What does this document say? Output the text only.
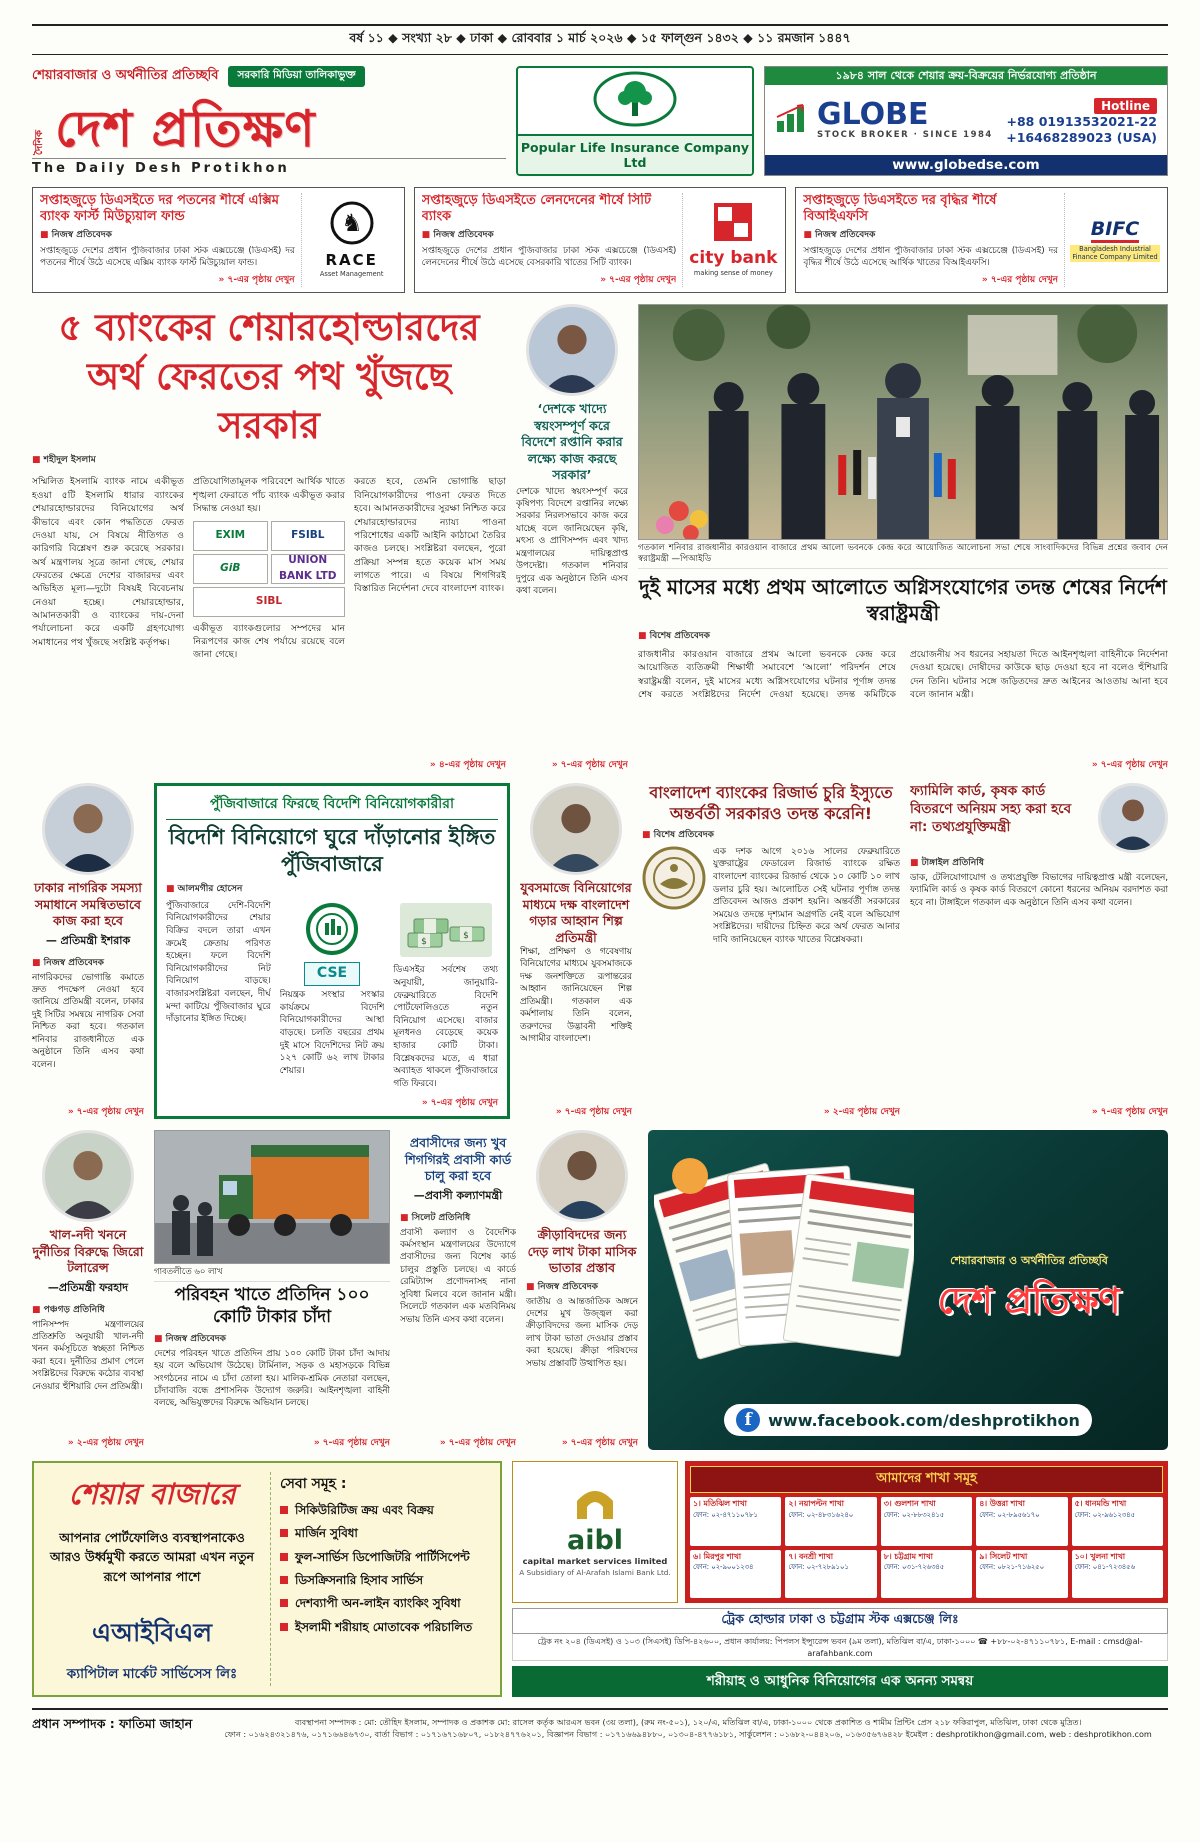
বর্ষ ১১ ◆ সংখ্যা ২৮ ◆ ঢাকা ◆ রোববার ১ মার্চ ২০২৬ ◆ ১৫ ফাল্গুন ১৪৩২ ◆ ১১ রমজান ১৪৪৭
শেয়ারবাজার ও অর্থনীতির প্রতিচ্ছবি	সরকারি মিডিয়া তালিকাভুক্ত
দৈনিক দেশ প্রতিক্ষণ
The Daily Desh Protikhon
Popular Life Insurance Company Ltd
১৯৮৪ সাল থেকে শেয়ার ক্রয়-বিক্রয়ের নির্ভরযোগ্য প্রতিষ্ঠান
GLOBE
STOCK BROKER · SINCE 1984
Hotline
+88 01913532021-22
+16468289023 (USA)
www.globedse.com
সপ্তাহজুড়ে ডিএসইতে দর পতনের শীর্ষে এক্সিম ব্যাংক ফার্স্ট মিউচ্যুয়াল ফান্ড
■ নিজস্ব প্রতিবেদক
সপ্তাহজুড়ে দেশের প্রধান পুঁজিবাজার ঢাকা স্টক এক্সচেঞ্জে (ডিএসই) দর পতনের শীর্ষে উঠে এসেছে এক্সিম ব্যাংক ফার্স্ট মিউচ্যুয়াল ফান্ড।
» ৭-এর পৃষ্ঠায় দেখুন
♞
RACE
Asset Management
সপ্তাহজুড়ে ডিএসইতে লেনদেনের শীর্ষে সিটি ব্যাংক
■ নিজস্ব প্রতিবেদক
সপ্তাহজুড়ে দেশের প্রধান পুঁজিবাজার ঢাকা স্টক এক্সচেঞ্জে (ডিএসই) লেনদেনের শীর্ষে উঠে এসেছে বেসরকারি খাতের সিটি ব্যাংক।
» ৭-এর পৃষ্ঠায় দেখুন
city bank
making sense of money
সপ্তাহজুড়ে ডিএসইতে দর বৃদ্ধির শীর্ষে বিআইএফসি
■ নিজস্ব প্রতিবেদক
সপ্তাহজুড়ে দেশের প্রধান পুঁজিবাজার ঢাকা স্টক এক্সচেঞ্জে (ডিএসই) দর বৃদ্ধির শীর্ষে উঠে এসেছে আর্থিক খাতের বিআইএফসি।
» ৭-এর পৃষ্ঠায় দেখুন
BIFC
Bangladesh Industrial Finance Company Limited
৫ ব্যাংকের শেয়ারহোল্ডারদের অর্থ ফেরতের পথ খুঁজছে সরকার
■ শহীদুল ইসলাম
সম্মিলিত ইসলামি ব্যাংক নামে একীভূত হওয়া ৫টি ইসলামি ধারার ব্যাংকের শেয়ারহোল্ডারদের বিনিয়োগের অর্থ কীভাবে এবং কোন পদ্ধতিতে ফেরত দেওয়া যায়, সে বিষয়ে নীতিগত ও কারিগরি বিশ্লেষণ শুরু করেছে সরকার। অর্থ মন্ত্রণালয় সূত্রে জানা গেছে, শেয়ার ফেরতের ক্ষেত্রে দেশের বাজারদর এবং অভিহিত মূল্য—দুটো বিষয়ই বিবেচনায় নেওয়া হচ্ছে। শেয়ারহোল্ডার, আমানতকারী ও ব্যাংকের দায়-দেনা পর্যালোচনা করে একটি গ্রহণযোগ্য সমাধানের পথ খুঁজছে সংশ্লিষ্ট কর্তৃপক্ষ।
প্রতিযোগিতামূলক পরিবেশে আর্থিক খাতে শৃঙ্খলা ফেরাতে পাঁচ ব্যাংক একীভূত করার সিদ্ধান্ত নেওয়া হয়।
EXIM	FSIBL
GiB
UNION BANK LTD
SIBL
একীভূত ব্যাংকগুলোর সম্পদের মান নিরূপণের কাজ শেষ পর্যায়ে রয়েছে বলে জানা গেছে।
করতে হবে, তেমনি ভোগান্তি ছাড়া বিনিয়োগকারীদের পাওনা ফেরত দিতে হবে। আমানতকারীদের সুরক্ষা নিশ্চিত করে শেয়ারহোল্ডারদের ন্যায্য পাওনা পরিশোধের একটি আইনি কাঠামো তৈরির কাজও চলছে। সংশ্লিষ্টরা বলছেন, পুরো প্রক্রিয়া সম্পন্ন হতে কয়েক মাস সময় লাগতে পারে। এ বিষয়ে শিগগিরই বিস্তারিত নির্দেশনা দেবে বাংলাদেশ ব্যাংক।
» ৪-এর পৃষ্ঠায় দেখুন
‘দেশকে খাদ্যে স্বয়ংসম্পূর্ণ করে বিদেশে রপ্তানি করার লক্ষ্যে কাজ করছে সরকার’
দেশকে খাদ্যে স্বয়ংসম্পূর্ণ করে কৃষিপণ্য বিদেশে রপ্তানির লক্ষ্যে সরকার নিরলসভাবে কাজ করে যাচ্ছে বলে জানিয়েছেন কৃষি, মৎস্য ও প্রাণিসম্পদ এবং খাদ্য মন্ত্রণালয়ের দায়িত্বপ্রাপ্ত উপদেষ্টা। গতকাল শনিবার দুপুরে এক অনুষ্ঠানে তিনি এসব কথা বলেন।
» ৭-এর পৃষ্ঠায় দেখুন
গতকাল শনিবার রাজধানীর কারওয়ান বাজারে প্রথম আলো ভবনকে কেন্দ্র করে আয়োজিত আলোচনা সভা শেষে সাংবাদিকদের বিভিন্ন প্রশ্নের জবাব দেন স্বরাষ্ট্রমন্ত্রী —পিআইডি
দুই মাসের মধ্যে প্রথম আলোতে অগ্নিসংযোগের তদন্ত শেষের নির্দেশ স্বরাষ্ট্রমন্ত্রী
■ বিশেষ প্রতিবেদক
রাজধানীর কারওয়ান বাজারে প্রথম আলো ভবনকে কেন্দ্র করে আয়োজিত ব্যতিক্রমী শিক্ষার্থী সমাবেশে ‘আলো’ পরিদর্শন শেষে স্বরাষ্ট্রমন্ত্রী বলেন, দুই মাসের মধ্যে অগ্নিসংযোগের ঘটনার পূর্ণাঙ্গ তদন্ত শেষ করতে সংশ্লিষ্টদের নির্দেশ দেওয়া হয়েছে। তদন্ত কমিটিকে প্রয়োজনীয় সব ধরনের সহায়তা দিতে আইনশৃঙ্খলা বাহিনীকে নির্দেশনা দেওয়া হয়েছে। দোষীদের কাউকে ছাড় দেওয়া হবে না বলেও হুঁশিয়ারি দেন তিনি। ঘটনার সঙ্গে জড়িতদের দ্রুত আইনের আওতায় আনা হবে বলে জানান মন্ত্রী।
» ৭-এর পৃষ্ঠায় দেখুন
ঢাকার নাগরিক সমস্যা সমাধানে সমন্বিতভাবে কাজ করা হবে
— প্রতিমন্ত্রী ইশরাক
■ নিজস্ব প্রতিবেদক
নাগরিকদের ভোগান্তি কমাতে দ্রুত পদক্ষেপ নেওয়া হবে জানিয়ে প্রতিমন্ত্রী বলেন, ঢাকার দুই সিটির সমন্বয়ে নাগরিক সেবা নিশ্চিত করা হবে। গতকাল শনিবার রাজধানীতে এক অনুষ্ঠানে তিনি এসব কথা বলেন।
» ৭-এর পৃষ্ঠায় দেখুন
পুঁজিবাজারে ফিরছে বিদেশি বিনিয়োগকারীরা
বিদেশি বিনিয়োগে ঘুরে দাঁড়ানোর ইঙ্গিত পুঁজিবাজারে
■ আলমগীর হোসেন
পুঁজিবাজারে দেশি-বিদেশি বিনিয়োগকারীদের শেয়ার বিক্রির বদলে তারা এখন ক্রমেই ক্রেতায় পরিণত হচ্ছেন। ফলে বিদেশি বিনিয়োগকারীদের নিট বিনিয়োগ বাড়ছে। বাজারসংশ্লিষ্টরা বলছেন, দীর্ঘ মন্দা কাটিয়ে পুঁজিবাজার ঘুরে দাঁড়ানোর ইঙ্গিত দিচ্ছে।
CSE
নিয়ন্ত্রক সংস্থার সংস্কার কার্যক্রমে বিদেশি বিনিয়োগকারীদের আস্থা বাড়ছে। চলতি বছরের প্রথম দুই মাসে বিদেশিদের নিট ক্রয় ১২৭ কোটি ৬২ লাখ টাকার শেয়ার।
$
$
ডিএসইর সর্বশেষ তথ্য অনুযায়ী, জানুয়ারি-ফেব্রুয়ারিতে বিদেশি পোর্টফোলিওতে নতুন বিনিয়োগ এসেছে। বাজার মূলধনও বেড়েছে কয়েক হাজার কোটি টাকা। বিশ্লেষকদের মতে, এ ধারা অব্যাহত থাকলে পুঁজিবাজারে গতি ফিরবে।
» ৭-এর পৃষ্ঠায় দেখুন
যুবসমাজে বিনিয়োগের মাধ্যমে দক্ষ বাংলাদেশ গড়ার আহ্বান শিল্প প্রতিমন্ত্রী
শিক্ষা, প্রশিক্ষণ ও গবেষণায় বিনিয়োগের মাধ্যমে যুবসমাজকে দক্ষ জনশক্তিতে রূপান্তরের আহ্বান জানিয়েছেন শিল্প প্রতিমন্ত্রী। গতকাল এক কর্মশালায় তিনি বলেন, তরুণদের উদ্ভাবনী শক্তিই আগামীর বাংলাদেশ।
» ৭-এর পৃষ্ঠায় দেখুন
বাংলাদেশ ব্যাংকের রিজার্ভ চুরি ইস্যুতে অন্তর্বর্তী সরকারও তদন্ত করেনি!
■ বিশেষ প্রতিবেদক
এক দশক আগে ২০১৬ সালের ফেব্রুয়ারিতে যুক্তরাষ্ট্রের ফেডারেল রিজার্ভ ব্যাংকে রক্ষিত বাংলাদেশ ব্যাংকের রিজার্ভ থেকে ১০ কোটি ১০ লাখ ডলার চুরি হয়। আলোচিত সেই ঘটনার পূর্ণাঙ্গ তদন্ত প্রতিবেদন আজও প্রকাশ হয়নি। অন্তর্বর্তী সরকারের সময়েও তদন্তে দৃশ্যমান অগ্রগতি নেই বলে অভিযোগ সংশ্লিষ্টদের। দায়ীদের চিহ্নিত করে অর্থ ফেরত আনার দাবি জানিয়েছেন ব্যাংক খাতের বিশ্লেষকরা।
» ২-এর পৃষ্ঠায় দেখুন
ফ্যামিলি কার্ড, কৃষক কার্ড বিতরণে অনিয়ম সহ্য করা হবে না: তথ্যপ্রযুক্তিমন্ত্রী
■ টাঙ্গাইল প্রতিনিধি
ডাক, টেলিযোগাযোগ ও তথ্যপ্রযুক্তি বিভাগের দায়িত্বপ্রাপ্ত মন্ত্রী বলেছেন, ফ্যামিলি কার্ড ও কৃষক কার্ড বিতরণে কোনো ধরনের অনিয়ম বরদাশত করা হবে না। টাঙ্গাইলে গতকাল এক অনুষ্ঠানে তিনি এসব কথা বলেন।
» ৭-এর পৃষ্ঠায় দেখুন
খাল-নদী খননে দুর্নীতির বিরুদ্ধে জিরো টলারেন্স
—প্রতিমন্ত্রী ফরহাদ
■ পঞ্চগড় প্রতিনিধি
পানিসম্পদ মন্ত্রণালয়ের প্রতিশ্রুতি অনুযায়ী খাল-নদী খনন কর্মসূচিতে স্বচ্ছতা নিশ্চিত করা হবে। দুর্নীতির প্রমাণ পেলে সংশ্লিষ্টদের বিরুদ্ধে কঠোর ব্যবস্থা নেওয়ার হুঁশিয়ারি দেন প্রতিমন্ত্রী।
» ২-এর পৃষ্ঠায় দেখুন
গাবতলীতে ৬০ লাখ
পরিবহন খাতে প্রতিদিন ১০০ কোটি টাকার চাঁদা
■ নিজস্ব প্রতিবেদক
দেশের পরিবহন খাতে প্রতিদিন প্রায় ১০০ কোটি টাকা চাঁদা আদায় হয় বলে অভিযোগ উঠেছে। টার্মিনাল, সড়ক ও মহাসড়কে বিভিন্ন সংগঠনের নামে এ চাঁদা তোলা হয়। মালিক-শ্রমিক নেতারা বলছেন, চাঁদাবাজি বন্ধে প্রশাসনিক উদ্যোগ জরুরি। আইনশৃঙ্খলা বাহিনী বলছে, অভিযুক্তদের বিরুদ্ধে অভিযান চলছে।
» ৭-এর পৃষ্ঠায় দেখুন
প্রবাসীদের জন্য খুব শিগগিরই প্রবাসী কার্ড চালু করা হবে
—প্রবাসী কল্যাণমন্ত্রী
■ সিলেট প্রতিনিধি
প্রবাসী কল্যাণ ও বৈদেশিক কর্মসংস্থান মন্ত্রণালয়ের উদ্যোগে প্রবাসীদের জন্য বিশেষ কার্ড চালুর প্রস্তুতি চলছে। এ কার্ডে রেমিট্যান্স প্রণোদনাসহ নানা সুবিধা মিলবে বলে জানান মন্ত্রী। সিলেটে গতকাল এক মতবিনিময় সভায় তিনি এসব কথা বলেন।
» ৭-এর পৃষ্ঠায় দেখুন
ক্রীড়াবিদদের জন্য দেড় লাখ টাকা মাসিক ভাতার প্রস্তাব
■ নিজস্ব প্রতিবেদক
জাতীয় ও আন্তর্জাতিক অঙ্গনে দেশের মুখ উজ্জ্বল করা ক্রীড়াবিদদের জন্য মাসিক দেড় লাখ টাকা ভাতা দেওয়ার প্রস্তাব করা হয়েছে। ক্রীড়া পরিষদের সভায় প্রস্তাবটি উত্থাপিত হয়।
» ৭-এর পৃষ্ঠায় দেখুন
শেয়ারবাজার ও অর্থনীতির প্রতিচ্ছবি
দেশ প্রতিক্ষণ
f	www.facebook.com/deshprotikhon
শেয়ার বাজারে
আপনার পোর্টফোলিও ব্যবস্থাপনাকেও আরও উর্ধ্বমুখী করতে আমরা এখন নতুন রূপে আপনার পাশে
এআইবিএল
ক্যাপিটাল মার্কেট সার্ভিসেস লিঃ
সেবা সমূহ :
সিকিউরিটিজ ক্রয় এবং বিক্রয়
মার্জিন সুবিধা
ফুল-সার্ভিস ডিপোজিটরি পার্টিসিপেন্ট
ডিসক্রিসনারি হিসাব সার্ভিস
দেশব্যাপী অন-লাইন ব্যাংকিং সুবিধা
ইসলামী শরীয়াহ মোতাবেক পরিচালিত
aibl
capital market services limited
A Subsidiary of Al-Arafah Islami Bank Ltd.
আমাদের শাখা সমূহ
১। মতিঝিল শাখা
ফোন: ০২-৪৭১১০৭৮১
২। নয়াপল্টন শাখা
ফোন: ০২-৪৮৩১৬২৪০
৩। গুলশান শাখা
ফোন: ০২-৮৮৩২৪১৫
৪। উত্তরা শাখা
ফোন: ০২-৮৯৫৬১৭০
৫। ধানমন্ডি শাখা
ফোন: ০২-৯৬১২৩৪৫
৬। মিরপুর শাখা
ফোন: ০২-৯০০১২৩৪
৭। বনশ্রী শাখা
ফোন: ০২-৭২৮৯১০১
৮। চট্টগ্রাম শাখা
ফোন: ০৩১-৭২৬৩৪৫
৯। সিলেট শাখা
ফোন: ০৮২১-৭১৬২৫০
১০। খুলনা শাখা
ফোন: ০৪১-৭২৩৪৫৬
ট্রেক হোল্ডার ঢাকা ও চট্টগ্রাম স্টক এক্সচেঞ্জ লিঃ
ট্রেক নং ২০৪ (ডিএসই) ও ১০৩ (সিএসই) ডিপি-৪২৬০০, প্রধান কার্যালয়: পিপলস ইন্স্যুরেন্স ভবন (৯ম তলা), মতিঝিল বা/এ, ঢাকা-১০০০ ☎ +৮৮-০২-৪৭১১০৭৮১, E-mail : cmsd@al-arafahbank.com
শরীয়াহ ও আধুনিক বিনিয়োগের এক অনন্য সমন্বয়
প্রধান সম্পাদক : ফাতিমা জাহান	ব্যবস্থাপনা সম্পাদক : মো: তৌহিদ ইসলাম, সম্পাদক ও প্রকাশক মো: রাসেল কর্তৃক আরএস ভবন (৩য় তলা), (রুম নং-৫০১), ১২০/এ, মতিঝিল বা/এ, ঢাকা-১০০০ থেকে প্রকাশিত ও শামীম প্রিন্টিং প্রেস ২১৮ ফকিরাপুল, মতিঝিল, ঢাকা থেকে মুদ্রিত।
ফোন : ০১৬২৪৩২১৪৭৬, ০১৭১৬৬৪৬৭৩০, বার্তা বিভাগ : ০১৭১৬৭১৬৮০৭, ০১৮২৪৭৭৬২০১, বিজ্ঞাপন বিভাগ : ০১৭১৬৬৯৪৮৮০, ০১৩০৪-৪৭৭৬১৮১, সার্কুলেশন : ০১৬৮২-০৪৪২০৬, ০১৬৩৫৬৭৬৪২৮ ইমেইল : deshprotikhon@gmail.com, web : deshprotikhon.com
